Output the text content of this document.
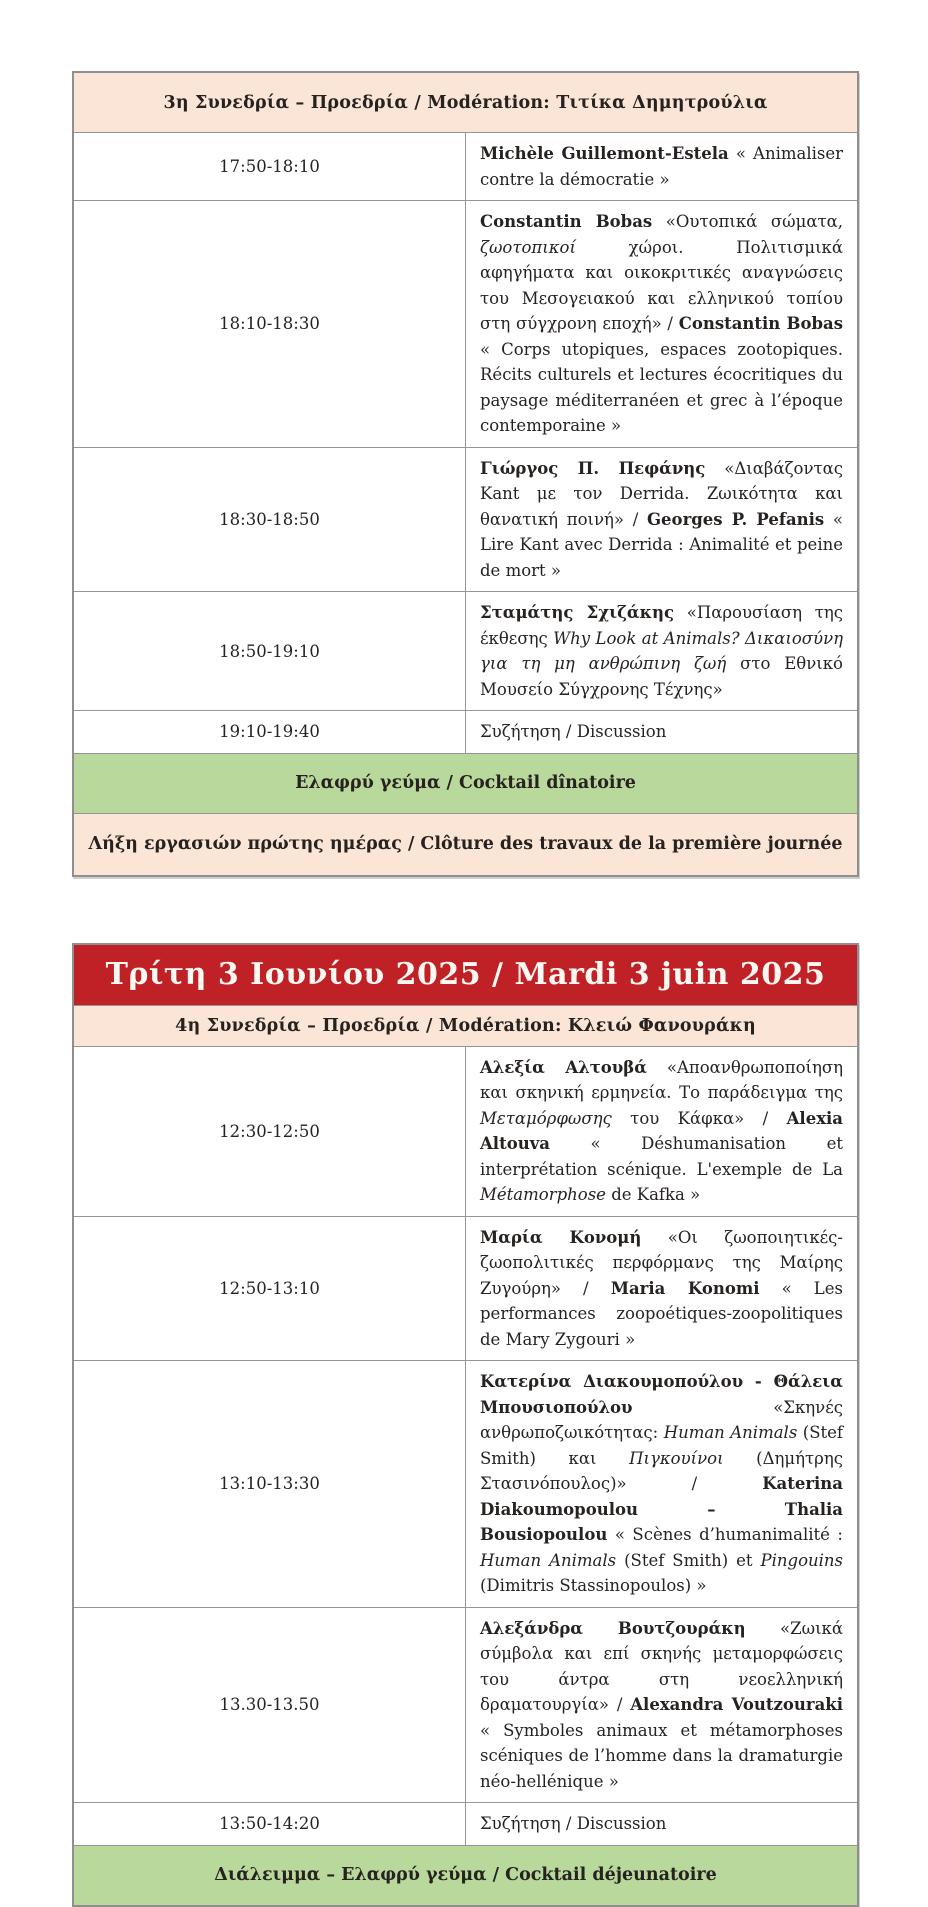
3η Συνεδρία – Προεδρία / Modération: Τιτίκα Δημητρούλια	
17:50-18:10	Michèle Guillemont-Estela « Animaliser contre la démocratie »
18:10-18:30	Constantin Bobas «Ουτοπικά σώματα, ζωοτοπικοί χώροι. Πολιτισμικά αφηγήματα και οικοκριτικές αναγνώσεις του Μεσογειακού και ελληνικού τοπίου στη σύγχρονη εποχή» / Constantin Bobas « Corps utopiques, espaces zootopiques. Récits culturels et lectures écocritiques du paysage méditerranéen et grec à l’époque contemporaine »
18:30-18:50	Γιώργος Π. Πεφάνης «Διαβάζοντας Kant με τον Derrida. Ζωικότητα και θανατική ποινή» / Georges P. Pefanis « Lire Kant avec Derrida : Animalité et peine de mort »
18:50-19:10	Σταμάτης Σχιζάκης «Παρουσίαση της έκθεσης Why Look at Animals? Δικαιοσύνη για τη μη ανθρώπινη ζωή στο Εθνικό Μουσείο Σύγχρονης Τέχνης»
19:10-19:40	Συζήτηση / Discussion
Ελαφρύ γεύμα / Cocktail dînatoire	
Λήξη εργασιών πρώτης ημέρας / Clôture des travaux de la première journée	
Τρίτη 3 Ιουνίου 2025 / Mardi 3 juin 2025	
4η Συνεδρία – Προεδρία / Modération: Κλειώ Φανουράκη	
12:30-12:50	Αλεξία Αλτουβά «Αποανθρωποποίηση και σκηνική ερμηνεία. Το παράδειγμα της Μεταμόρφωσης του Κάφκα» / Alexia Altouva « Déshumanisation et interprétation scénique. L'exemple de La Métamorphose de Kafka »
12:50-13:10	Μαρία Κονομή «Οι ζωοποιητικές-ζωοπολιτικές περφόρμανς της Μαίρης Ζυγούρη» / Maria Konomi « Les performances zoopoétiques-zoopolitiques de Mary Zygouri »
13:10-13:30	Κατερίνα Διακουμοπούλου - Θάλεια Μπουσιοπούλου «Σκηνές ανθρωποζωικότητας: Human Animals (Stef Smith) και Πιγκουίνοι (Δημήτρης Στασινόπουλος)» / Katerina Diakoumopoulou – Thalia Bousiopoulou « Scènes d’humanimalité : Human Animals (Stef Smith) et Pingouins (Dimitris Stassinopoulos) »
13.30-13.50	Αλεξάνδρα Βουτζουράκη «Ζωικά σύμβολα και επί σκηνής μεταμορφώσεις του άντρα στη νεοελληνική δραματουργία» / Alexandra Voutzouraki « Symboles animaux et métamorphoses scéniques de l’homme dans la dramaturgie néo-hellénique »
13:50-14:20	Συζήτηση / Discussion
Διάλειμμα – Ελαφρύ γεύμα / Cocktail déjeunatoire	
